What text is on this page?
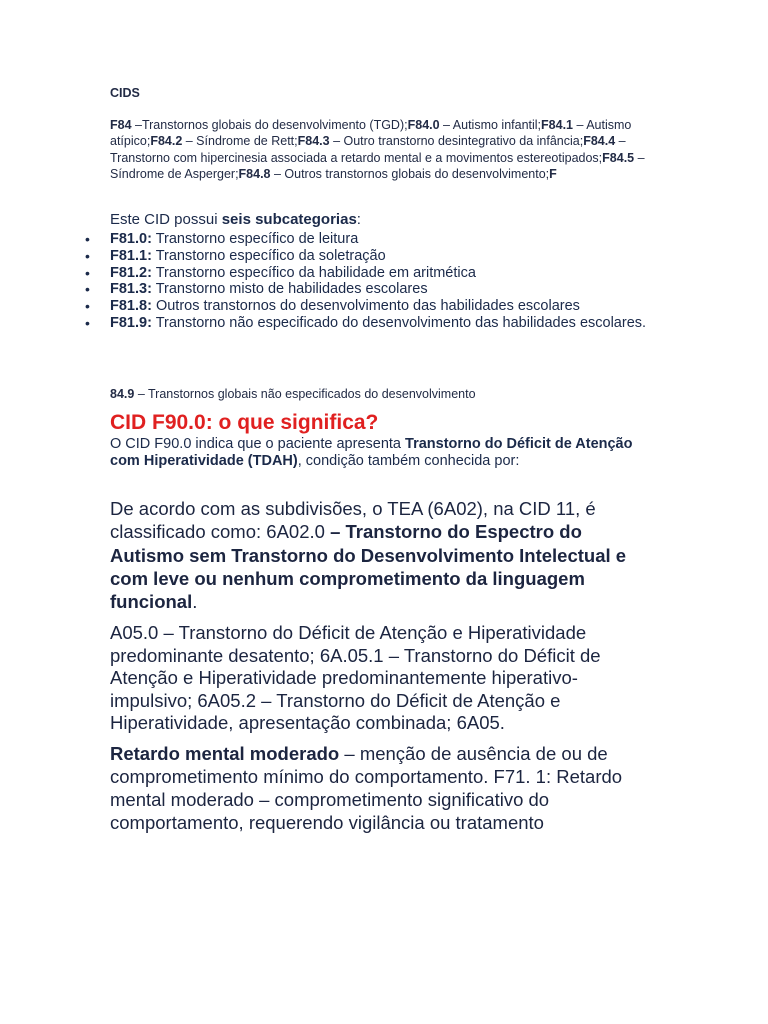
CIDS

F84 –Transtornos globais do desenvolvimento (TGD);F84.0 – Autismo infantil;F84.1 – Autismo atípico;F84.2 – Síndrome de Rett;F84.3 – Outro transtorno desintegrativo da infância;F84.4 – Transtorno com hipercinesia associada a retardo mental e a movimentos estereotipados;F84.5 – Síndrome de Asperger;F84.8 – Outros transtornos globais do desenvolvimento;F

Este CID possui seis subcategorias:

• F81.0: Transtorno específico de leitura
• F81.1: Transtorno específico da soletração
• F81.2: Transtorno específico da habilidade em aritmética
• F81.3: Transtorno misto de habilidades escolares
• F81.8: Outros transtornos do desenvolvimento das habilidades escolares
• F81.9: Transtorno não especificado do desenvolvimento das habilidades escolares.

84.9 – Transtornos globais não especificados do desenvolvimento

CID F90.0: o que significa?

O CID F90.0 indica que o paciente apresenta Transtorno do Déficit de Atenção com Hiperatividade (TDAH), condição também conhecida por:

De acordo com as subdivisões, o TEA (6A02), na CID 11, é classificado como: 6A02.0 – Transtorno do Espectro do Autismo sem Transtorno do Desenvolvimento Intelectual e com leve ou nenhum comprometimento da linguagem funcional.

A05.0 – Transtorno do Déficit de Atenção e Hiperatividade predominante desatento; 6A.05.1 – Transtorno do Déficit de Atenção e Hiperatividade predominantemente hiperativo-impulsivo; 6A05.2 – Transtorno do Déficit de Atenção e Hiperatividade, apresentação combinada; 6A05.

Retardo mental moderado – menção de ausência de ou de comprometimento mínimo do comportamento. F71. 1: Retardo mental moderado – comprometimento significativo do comportamento, requerendo vigilância ou tratamento
